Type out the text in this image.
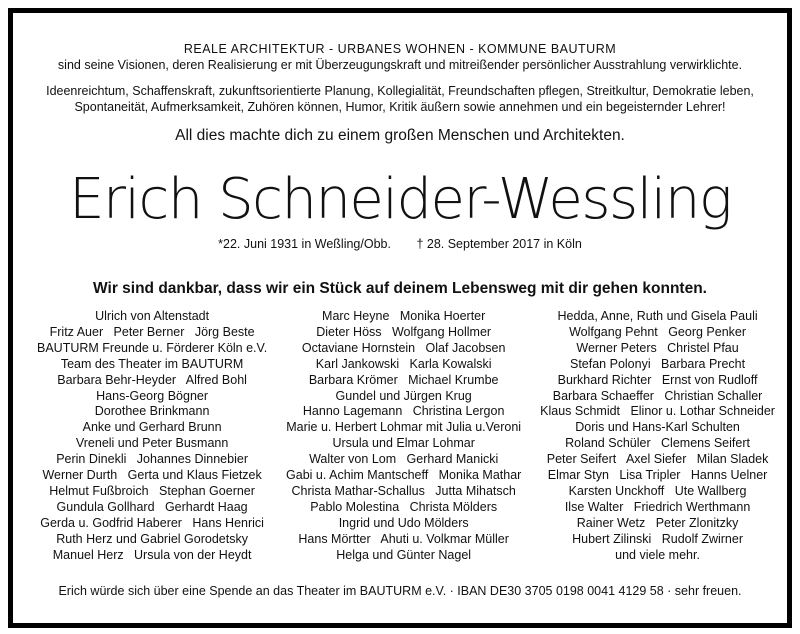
REALE ARCHITEKTUR - URBANES WOHNEN - KOMMUNE BAUTURM
sind seine Visionen, deren Realisierung er mit Überzeugungskraft und mitreißender persönlicher Ausstrahlung verwirklichte.
Ideenreichtum, Schaffenskraft, zukunftsorientierte Planung, Kollegialität, Freundschaften pflegen, Streitkultur, Demokratie leben,
Spontaneität, Aufmerksamkeit, Zuhören können, Humor, Kritik äußern sowie annehmen und ein begeisternder Lehrer!
All dies machte dich zu einem großen Menschen und Architekten.
Erich Schneider-Wessling
*22. Juni 1931 in Weßling/Obb. † 28. September 2017 in Köln
Wir sind dankbar, dass wir ein Stück auf deinem Lebensweg mit dir gehen konnten.
Ulrich von Altenstadt
Fritz Auer   Peter Berner   Jörg Beste
BAUTURM Freunde u. Förderer Köln e.V.
Team des Theater im BAUTURM
Barbara Behr-Heyder   Alfred Bohl
Hans-Georg Bögner
Dorothee Brinkmann
Anke und Gerhard Brunn
Vreneli und Peter Busmann
Perin Dinekli   Johannes Dinnebier
Werner Durth   Gerta und Klaus Fietzek
Helmut Fußbroich   Stephan Goerner
Gundula Gollhard   Gerhardt Haag
Gerda u. Godfrid Haberer   Hans Henrici
Ruth Herz und Gabriel Gorodetsky
Manuel Herz   Ursula von der Heydt
Marc Heyne   Monika Hoerter
Dieter Höss   Wolfgang Hollmer
Octaviane Hornstein   Olaf Jacobsen
Karl Jankowski   Karla Kowalski
Barbara Krömer   Michael Krumbe
Gundel und Jürgen Krug
Hanno Lagemann   Christina Lergon
Marie u. Herbert Lohmar mit Julia u.Veroni
Ursula und Elmar Lohmar
Walter von Lom   Gerhard Manicki
Gabi u. Achim Mantscheff   Monika Mathar
Christa Mathar-Schallus   Jutta Mihatsch
Pablo Molestina   Christa Mölders
Ingrid und Udo Mölders
Hans Mörtter   Ahuti u. Volkmar Müller
Helga und Günter Nagel
Hedda, Anne, Ruth und Gisela Pauli
Wolfgang Pehnt   Georg Penker
Werner Peters   Christel Pfau
Stefan Polonyi   Barbara Precht
Burkhard Richter   Ernst von Rudloff
Barbara Schaeffer   Christian Schaller
Klaus Schmidt   Elinor u. Lothar Schneider
Doris und Hans-Karl Schulten
Roland Schüler   Clemens Seifert
Peter Seifert   Axel Siefer   Milan Sladek
Elmar Styn   Lisa Tripler   Hanns Uelner
Karsten Unckhoff   Ute Wallberg
Ilse Walter   Friedrich Werthmann
Rainer Wetz   Peter Zlonitzky
Hubert Zilinski   Rudolf Zwirner
und viele mehr.
Erich würde sich über eine Spende an das Theater im BAUTURM e.V. · IBAN DE30 3705 0198 0041 4129 58 · sehr freuen.
